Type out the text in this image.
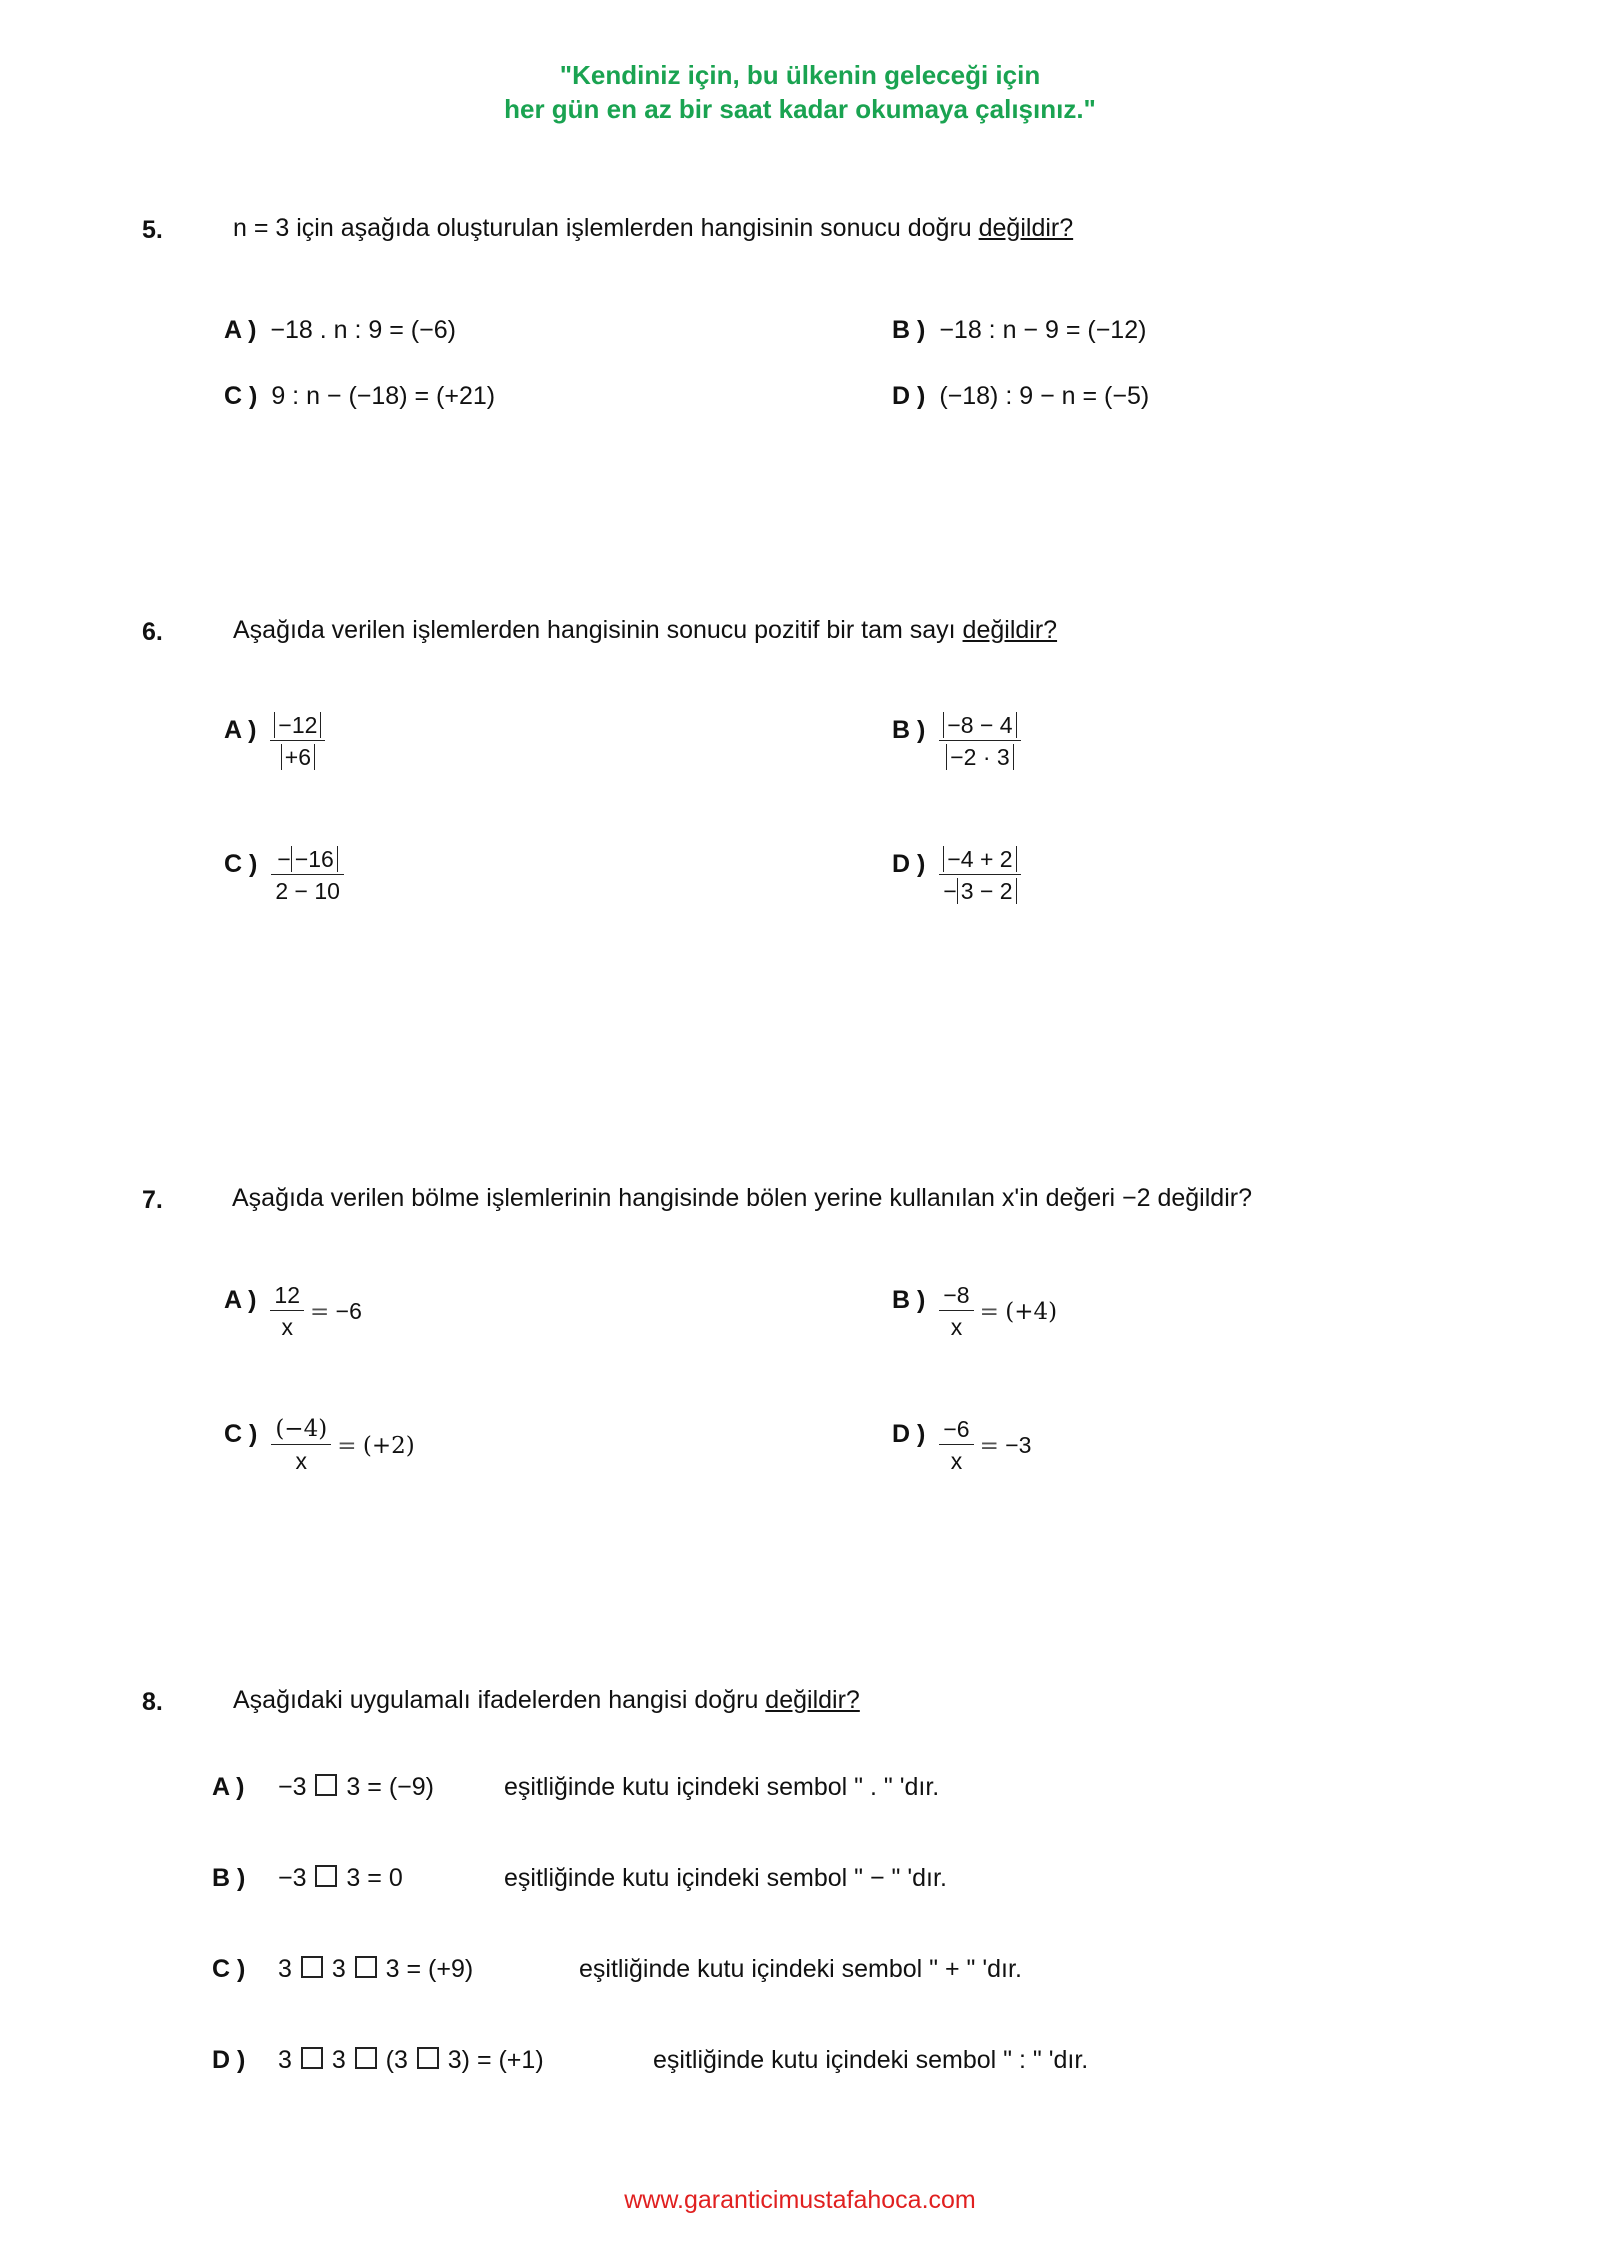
"Kendiniz için, bu ülkenin geleceği için
her gün en az bir saat kadar okumaya çalışınız."
5.	n = 3 için aşağıda oluşturulan işlemlerden hangisinin sonucu doğru değildir?
A ) −18 . n : 9 = (−6)	B ) −18 : n − 9 = (−12)
C ) 9 : n − (−18) = (+21)	D ) (−18) : 9 − n = (−5)
6.	Aşağıda verilen işlemlerden hangisinin sonucu pozitif bir tam sayı değildir?
A ) $\frac{-12}{+6}$	B ) $\frac{-8 - 4}{-2 \cdot 3}$
C ) $\frac{- -16}{2 - 10}$	D ) $\frac{-4 + 2}{- 3 - 2}$
7.	Aşağıda verilen bölme işlemlerinin hangisinde bölen yerine kullanılan x'in değeri −2 değildir?
A ) $\frac{12}{x} = -6$	B ) $\frac{-8}{x} = (+4)$
C ) $\frac{(-4)}{x} = (+2)$	D ) $\frac{-6}{x} = -3$
8.	Aşağıdaki uygulamalı ifadelerden hangisi doğru değildir?
A ) −3 3 = (−9)	eşitliğinde kutu içindeki sembol " . " 'dır.
B ) −3 3 = 0	eşitliğinde kutu içindeki sembol " − " 'dır.
C ) 3 3 3 = (+9)	eşitliğinde kutu içindeki sembol " + " 'dır.
D ) 3 3 (3 3) = (+1)	eşitliğinde kutu içindeki sembol " : " 'dır.
www.garanticimustafahoca.com
